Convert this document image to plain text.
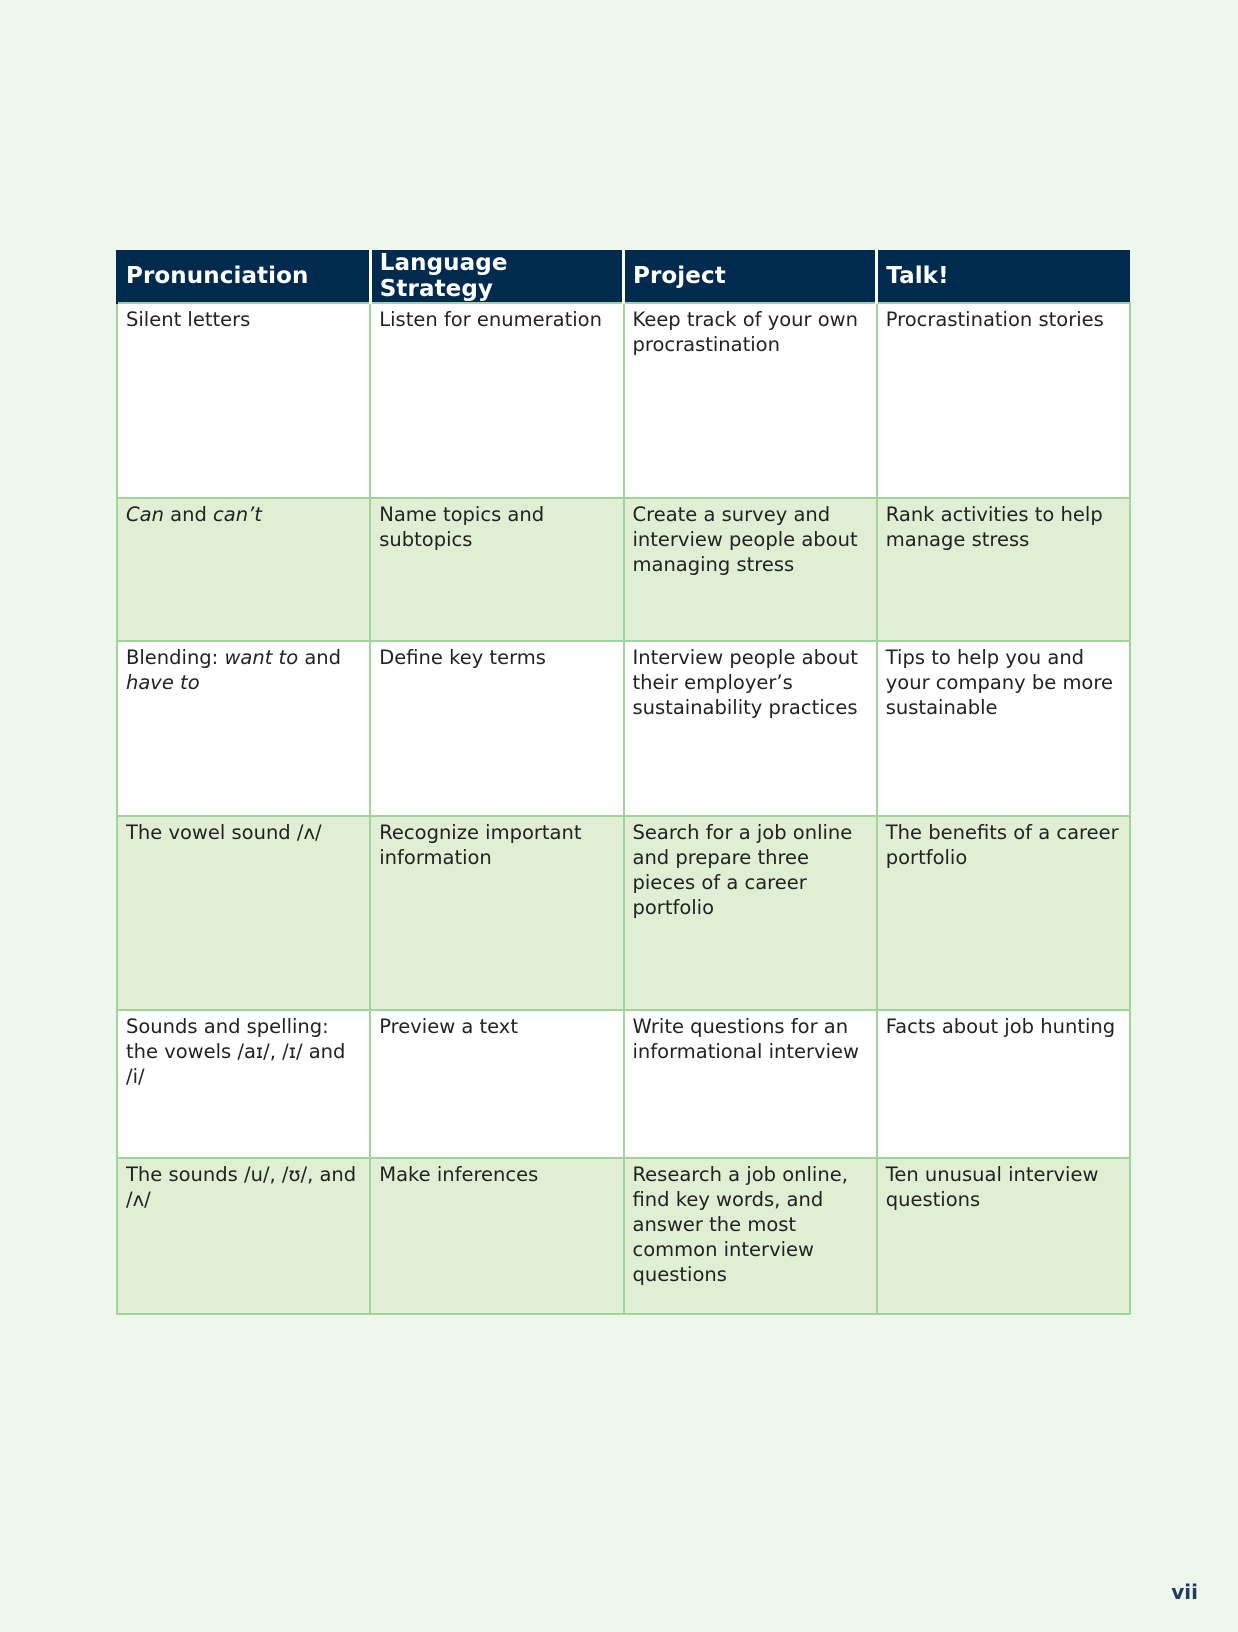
Pronunciation	Language Strategy	Project	Talk!
Silent letters	Listen for enumeration	Keep track of your own procrastination	Procrastination stories
Can and can’t	Name topics and subtopics	Create a survey and interview people about managing stress	Rank activities to help manage stress
Blending: want to and have to	Define key terms	Interview people about their employer’s sustainability practices	Tips to help you and your company be more sustainable
The vowel sound /ʌ/	Recognize important information	Search for a job online and prepare three pieces of a career portfolio	The benefits of a career portfolio
Sounds and spelling: the vowels /aɪ/, /ɪ/ and /i/	Preview a text	Write questions for an informational interview	Facts about job hunting
The sounds /u/, /ʊ/, and /ʌ/	Make inferences	Research a job online, find key words, and answer the most common interview questions	Ten unusual interview questions
vii
